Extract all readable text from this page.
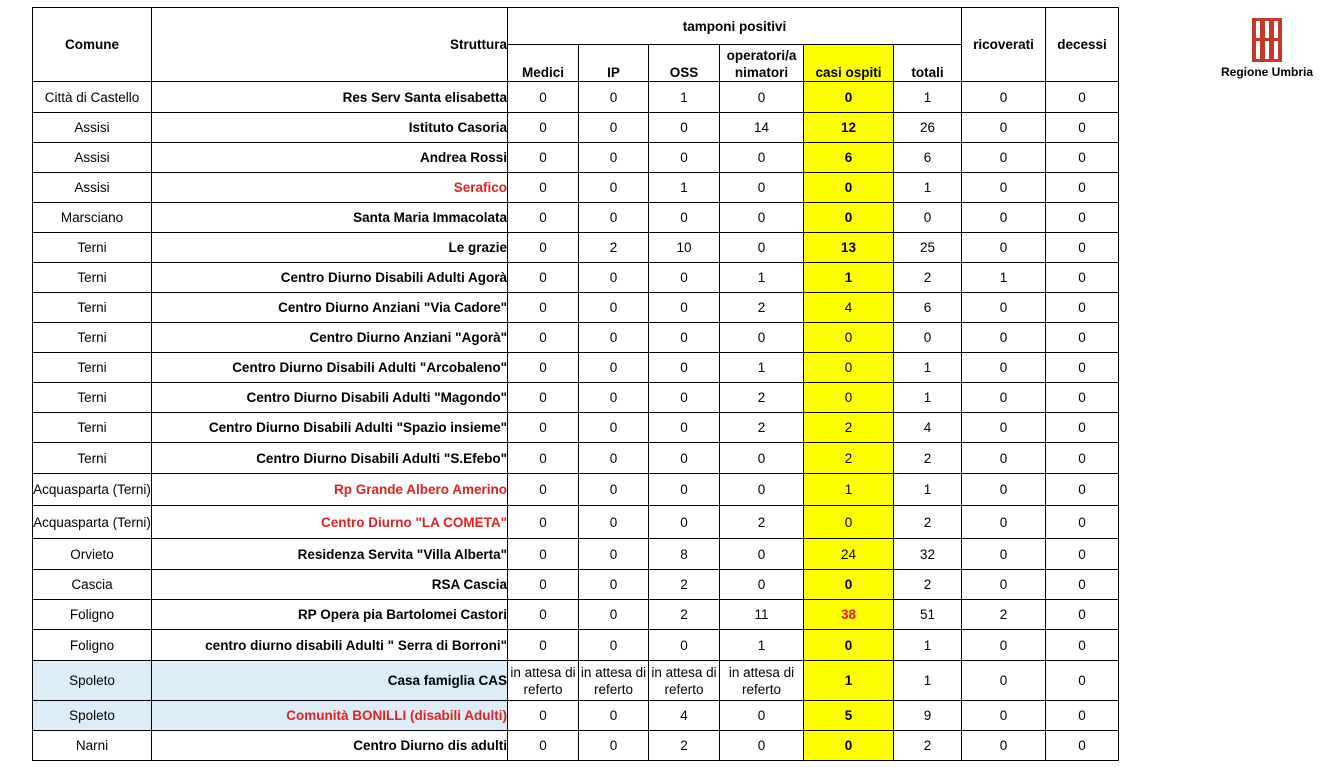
Comune	Struttura	tamponi positivi						ricoverati	decessi
		Medici	IP	OSS	operatori/a nimatori	casi ospiti	totali		
Città di Castello	Res Serv Santa elisabetta	0	0	1	0	0	1	0	0
Assisi	Istituto Casoria	0	0	0	14	12	26	0	0
Assisi	Andrea Rossi	0	0	0	0	6	6	0	0
Assisi	Serafico	0	0	1	0	0	1	0	0
Marsciano	Santa Maria Immacolata	0	0	0	0	0	0	0	0
Terni	Le grazie	0	2	10	0	13	25	0	0
Terni	Centro Diurno Disabili Adulti Agorà	0	0	0	1	1	2	1	0
Terni	Centro Diurno Anziani "Via Cadore"	0	0	0	2	4	6	0	0
Terni	Centro Diurno Anziani "Agorà"	0	0	0	0	0	0	0	0
Terni	Centro Diurno Disabili Adulti "Arcobaleno"	0	0	0	1	0	1	0	0
Terni	Centro Diurno Disabili Adulti "Magondo"	0	0	0	2	0	1	0	0
Terni	Centro Diurno Disabili Adulti "Spazio insieme"	0	0	0	2	2	4	0	0
Terni	Centro Diurno Disabili Adulti "S.Efebo"	0	0	0	0	2	2	0	0
Acquasparta (Terni)	Rp Grande Albero Amerino	0	0	0	0	1	1	0	0
Acquasparta (Terni)	Centro Diurno "LA COMETA"	0	0	0	2	0	2	0	0
Orvieto	Residenza Servita "Villa Alberta"	0	0	8	0	24	32	0	0
Cascia	RSA Cascia	0	0	2	0	0	2	0	0
Foligno	RP Opera pia Bartolomei Castori	0	0	2	11	38	51	2	0
Foligno	centro diurno disabili Adulti " Serra di Borroni"	0	0	0	1	0	1	0	0
Spoleto	Casa famiglia CAS	in attesa di referto	in attesa di referto	in attesa di referto	in attesa di referto	1	1	0	0
Spoleto	Comunità BONILLI (disabili Adulti)	0	0	4	0	5	9	0	0
Narni	Centro Diurno dis adulti	0	0	2	0	0	2	0	0
Regione Umbria
